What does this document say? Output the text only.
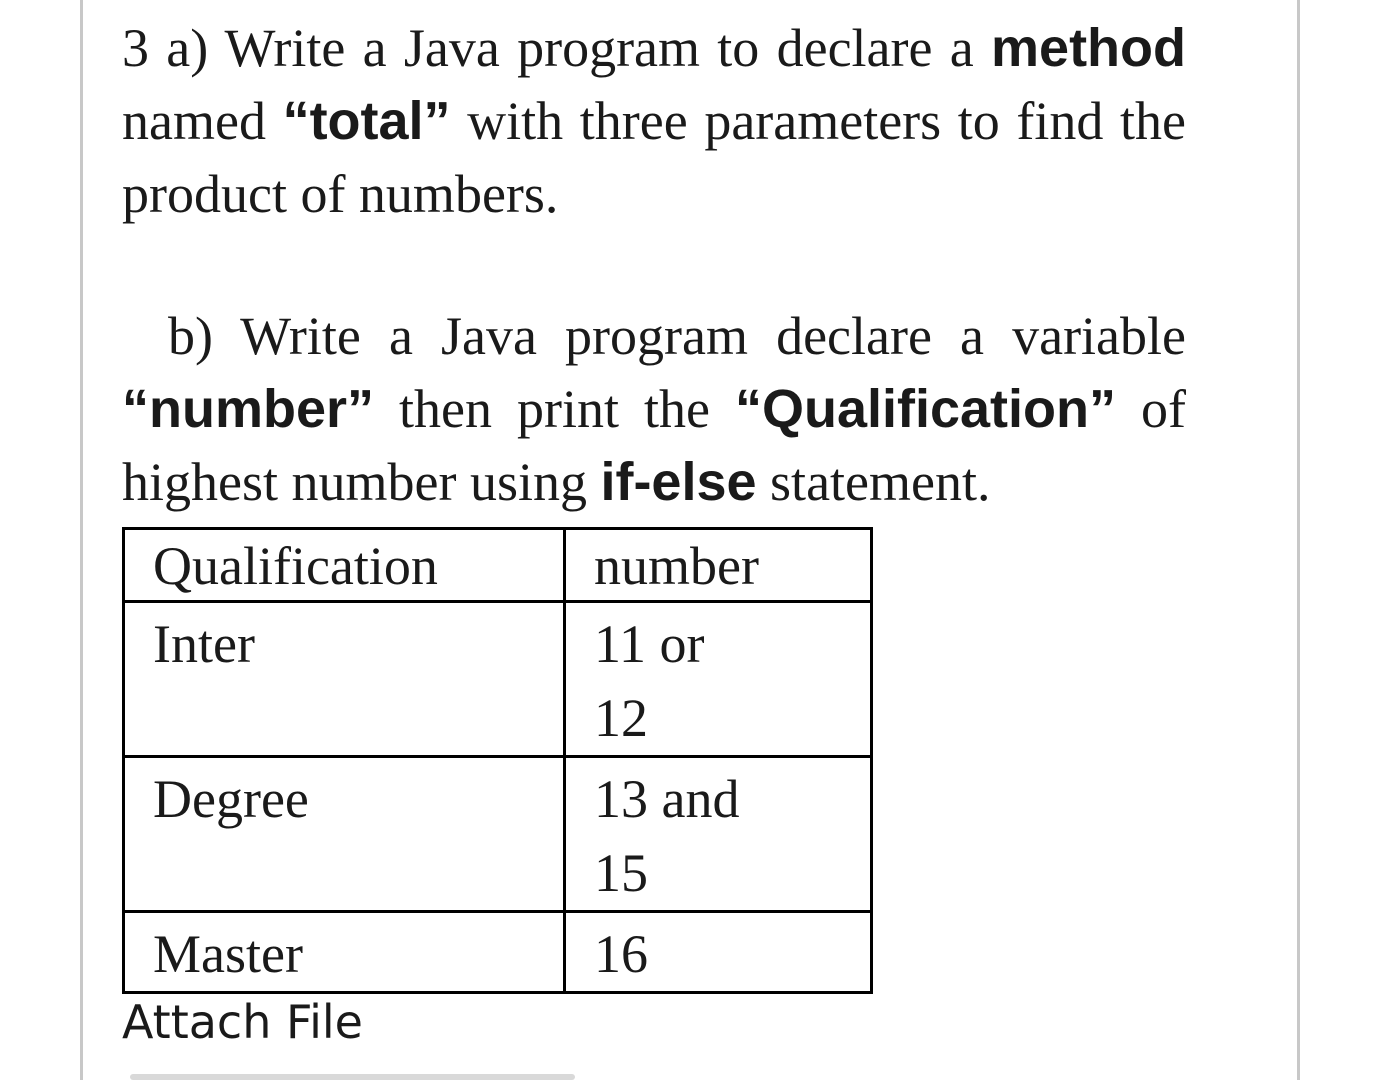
3 a) Write a Java program to declare a method named “total” with three parameters to find the product of numbers.

b) Write a Java program declare a variable “number” then print the “Qualification” of highest number using if-else statement.

Qualification	number
Inter	11 or
12

Degree	13 and
15

Master	16
Attach File
